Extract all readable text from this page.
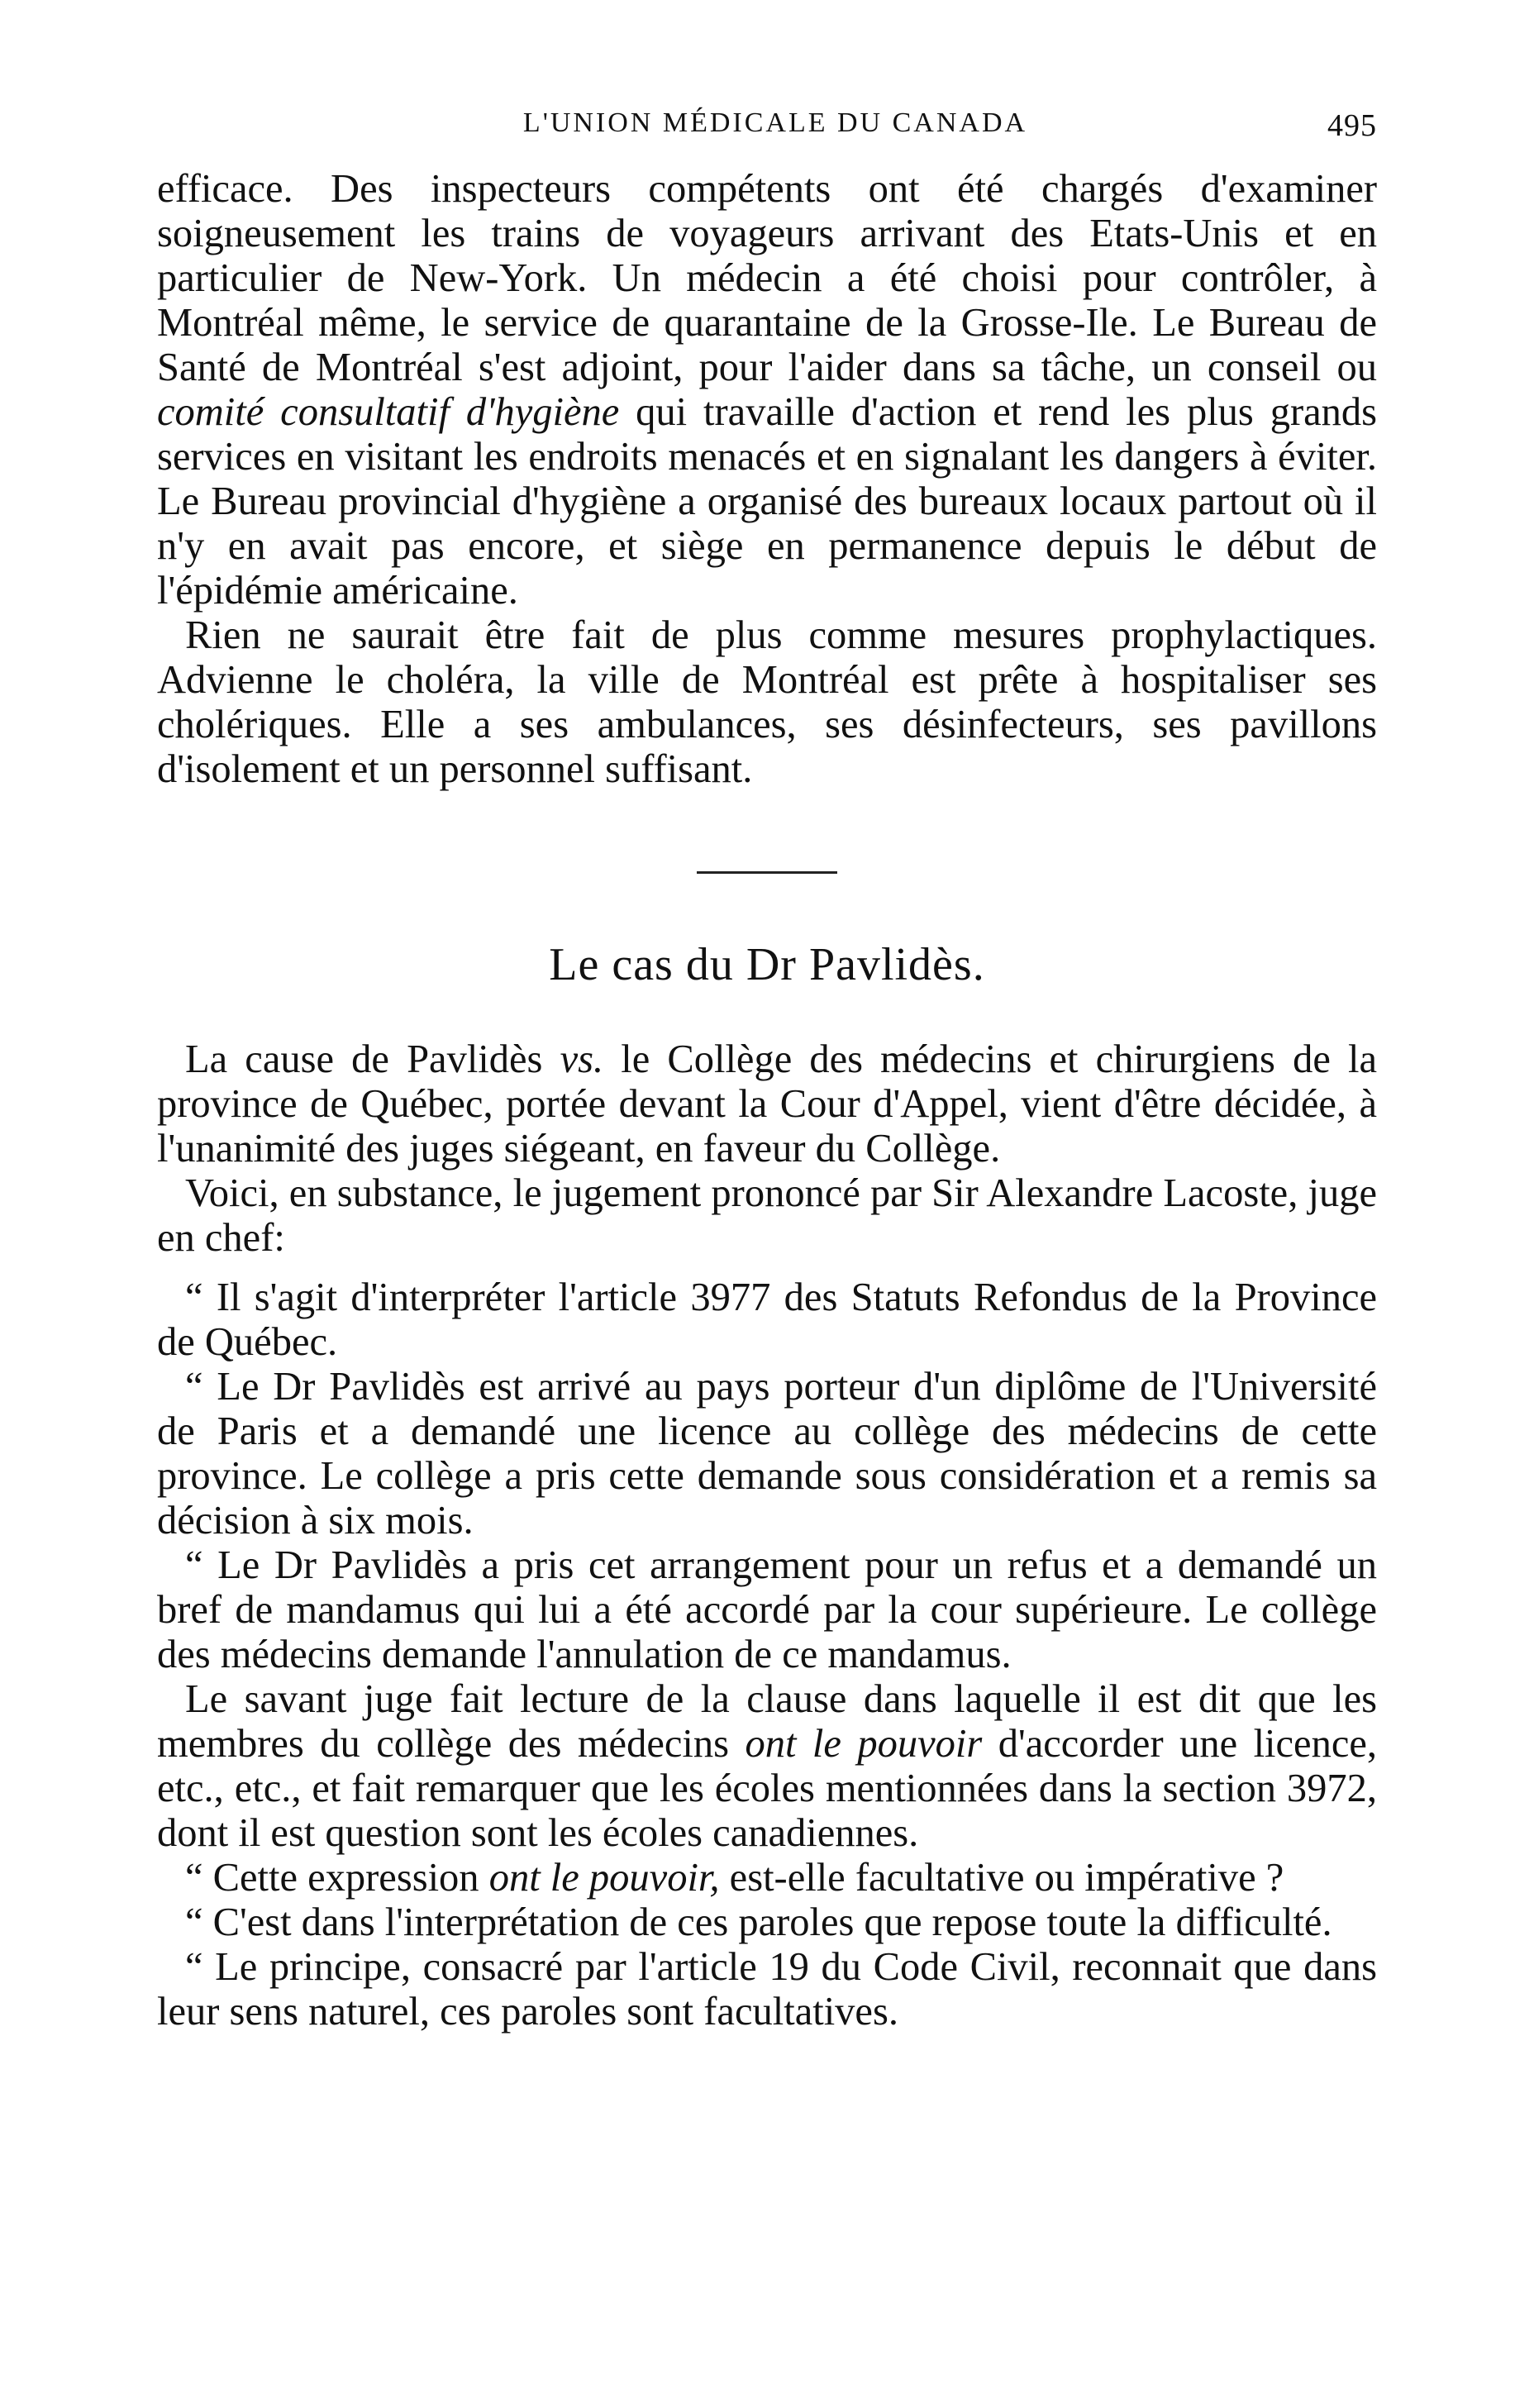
L'UNION MÉDICALE DU CANADA	495

efficace. Des inspecteurs compétents ont été chargés d'examiner soigneusement les trains de voyageurs arrivant des Etats-Unis et en particulier de New-York. Un médecin a été choisi pour contrôler, à Montréal même, le service de quarantaine de la Grosse-Ile. Le Bureau de Santé de Montréal s'est adjoint, pour l'aider dans sa tâche, un conseil ou comité consultatif d'hygiène qui travaille d'action et rend les plus grands services en visitant les endroits menacés et en signalant les dangers à éviter. Le Bureau provincial d'hygiène a organisé des bureaux locaux partout où il n'y en avait pas encore, et siège en permanence depuis le début de l'épidémie américaine.

Rien ne saurait être fait de plus comme mesures prophylactiques. Advienne le choléra, la ville de Montréal est prête à hospitaliser ses cholériques. Elle a ses ambulances, ses désinfecteurs, ses pavillons d'isolement et un personnel suffisant.

Le cas du Dr Pavlidès.

La cause de Pavlidès vs. le Collège des médecins et chirurgiens de la province de Québec, portée devant la Cour d'Appel, vient d'être décidée, à l'unanimité des juges siégeant, en faveur du Collège.

Voici, en substance, le jugement prononcé par Sir Alexandre Lacoste, juge en chef:

“ Il s'agit d'interpréter l'article 3977 des Statuts Refondus de la Province de Québec.

“ Le Dr Pavlidès est arrivé au pays porteur d'un diplôme de l'Université de Paris et a demandé une licence au collège des médecins de cette province. Le collège a pris cette demande sous considération et a remis sa décision à six mois.

“ Le Dr Pavlidès a pris cet arrangement pour un refus et a demandé un bref de mandamus qui lui a été accordé par la cour supérieure. Le collège des médecins demande l'annulation de ce mandamus.

Le savant juge fait lecture de la clause dans laquelle il est dit que les membres du collège des médecins ont le pouvoir d'accorder une licence, etc., etc., et fait remarquer que les écoles mentionnées dans la section 3972, dont il est question sont les écoles canadiennes.

“ Cette expression ont le pouvoir, est-elle facultative ou impérative ?

“ C'est dans l'interprétation de ces paroles que repose toute la difficulté.

“ Le principe, consacré par l'article 19 du Code Civil, reconnait que dans leur sens naturel, ces paroles sont facultatives.
